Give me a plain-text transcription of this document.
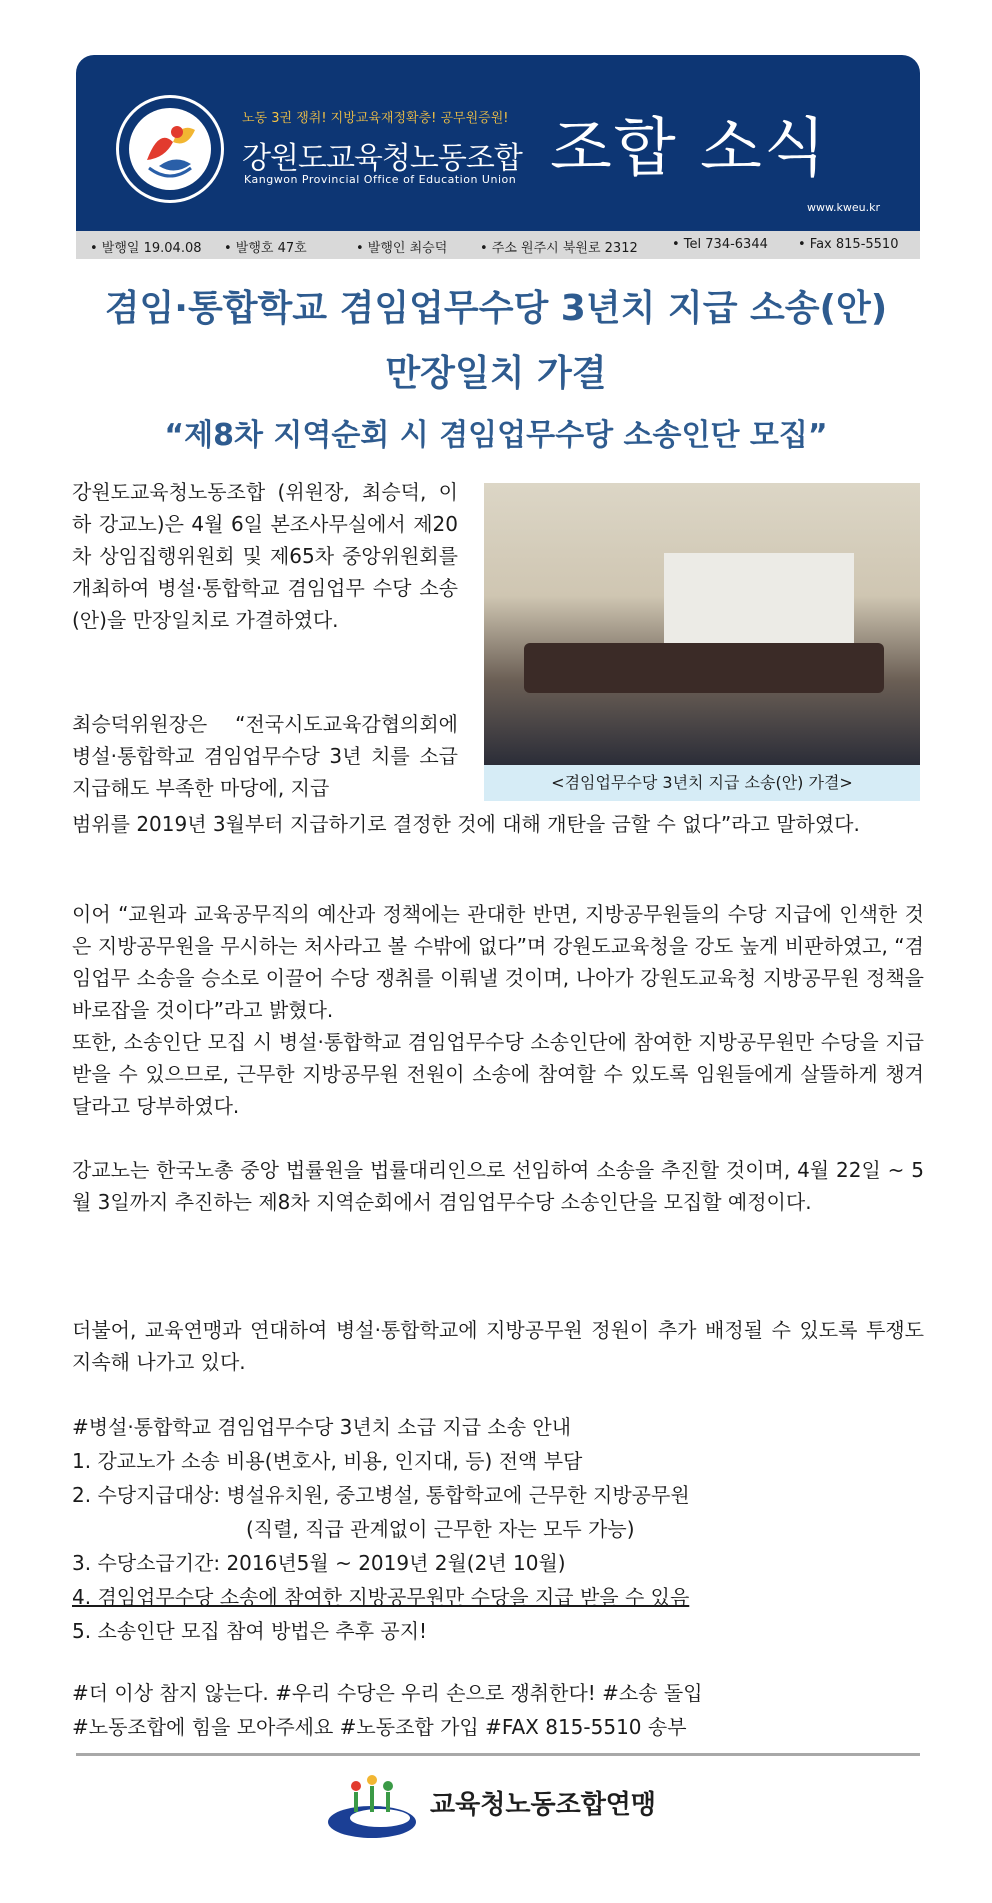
노동 3권 쟁취! 지방교육재정확충! 공무원증원!
강원도교육청노동조합
Kangwon Provincial Office of Education Union 조합 소식
www.kweu.kr
• 발행일 19.04.08 • 발행호 47호	• 발행인 최승덕	• 주소 원주시 북원로 2312	• Tel 734-6344 • Fax 815-5510
겸임·통합학교 겸임업무수당 3년치 지급 소송(안)
만장일치 가결
“제8차 지역순회 시 겸임업무수당 소송인단 모집”

강원도교육청노동조합 (위원장, 최승덕, 이하 강교노)은 4월 6일 본조사무실에서 제20차 상임집행위원회 및 제65차 중앙위원회를 개최하여 병설·통합학교 겸임업무 수당 소송(안)을 만장일치로 가결하였다.

<겸임업무수당 3년치 지급 소송(안) 가결>

최승덕위원장은 “전국시도교육감협의회에 병설·통합학교 겸임업무수당 3년 치를 소급 지급해도 부족한 마당에, 지급

범위를 2019년 3월부터 지급하기로 결정한 것에 대해 개탄을 금할 수 없다”라고 말하였다.

이어 “교원과 교육공무직의 예산과 정책에는 관대한 반면, 지방공무원들의 수당 지급에 인색한 것은 지방공무원을 무시하는 처사라고 볼 수밖에 없다”며 강원도교육청을 강도 높게 비판하였고, “겸임업무 소송을 승소로 이끌어 수당 쟁취를 이뤄낼 것이며, 나아가 강원도교육청 지방공무원 정책을 바로잡을 것이다”라고 밝혔다.

또한, 소송인단 모집 시 병설·통합학교 겸임업무수당 소송인단에 참여한 지방공무원만 수당을 지급받을 수 있으므로, 근무한 지방공무원 전원이 소송에 참여할 수 있도록 임원들에게 살뜰하게 챙겨달라고 당부하였다.

강교노는 한국노총 중앙 법률원을 법률대리인으로 선임하여 소송을 추진할 것이며, 4월 22일 ~ 5월 3일까지 추진하는 제8차 지역순회에서 겸임업무수당 소송인단을 모집할 예정이다.

더불어, 교육연맹과 연대하여 병설·통합학교에 지방공무원 정원이 추가 배정될 수 있도록 투쟁도 지속해 나가고 있다.

#병설·통합학교 겸임업무수당 3년치 소급 지급 소송 안내
1. 강교노가 소송 비용(변호사, 비용, 인지대, 등) 전액 부담
2. 수당지급대상: 병설유치원, 중고병설, 통합학교에 근무한 지방공무원
(직렬, 직급 관계없이 근무한 자는 모두 가능)
3. 수당소급기간: 2016년5월 ~ 2019년 2월(2년 10월)
4. 겸임업무수당 소송에 참여한 지방공무원만 수당을 지급 받을 수 있음
5. 소송인단 모집 참여 방법은 추후 공지!
#더 이상 참지 않는다. #우리 수당은 우리 손으로 쟁취한다! #소송 돌입
#노동조합에 힘을 모아주세요 #노동조합 가입 #FAX 815-5510 송부
교육청노동조합연맹
